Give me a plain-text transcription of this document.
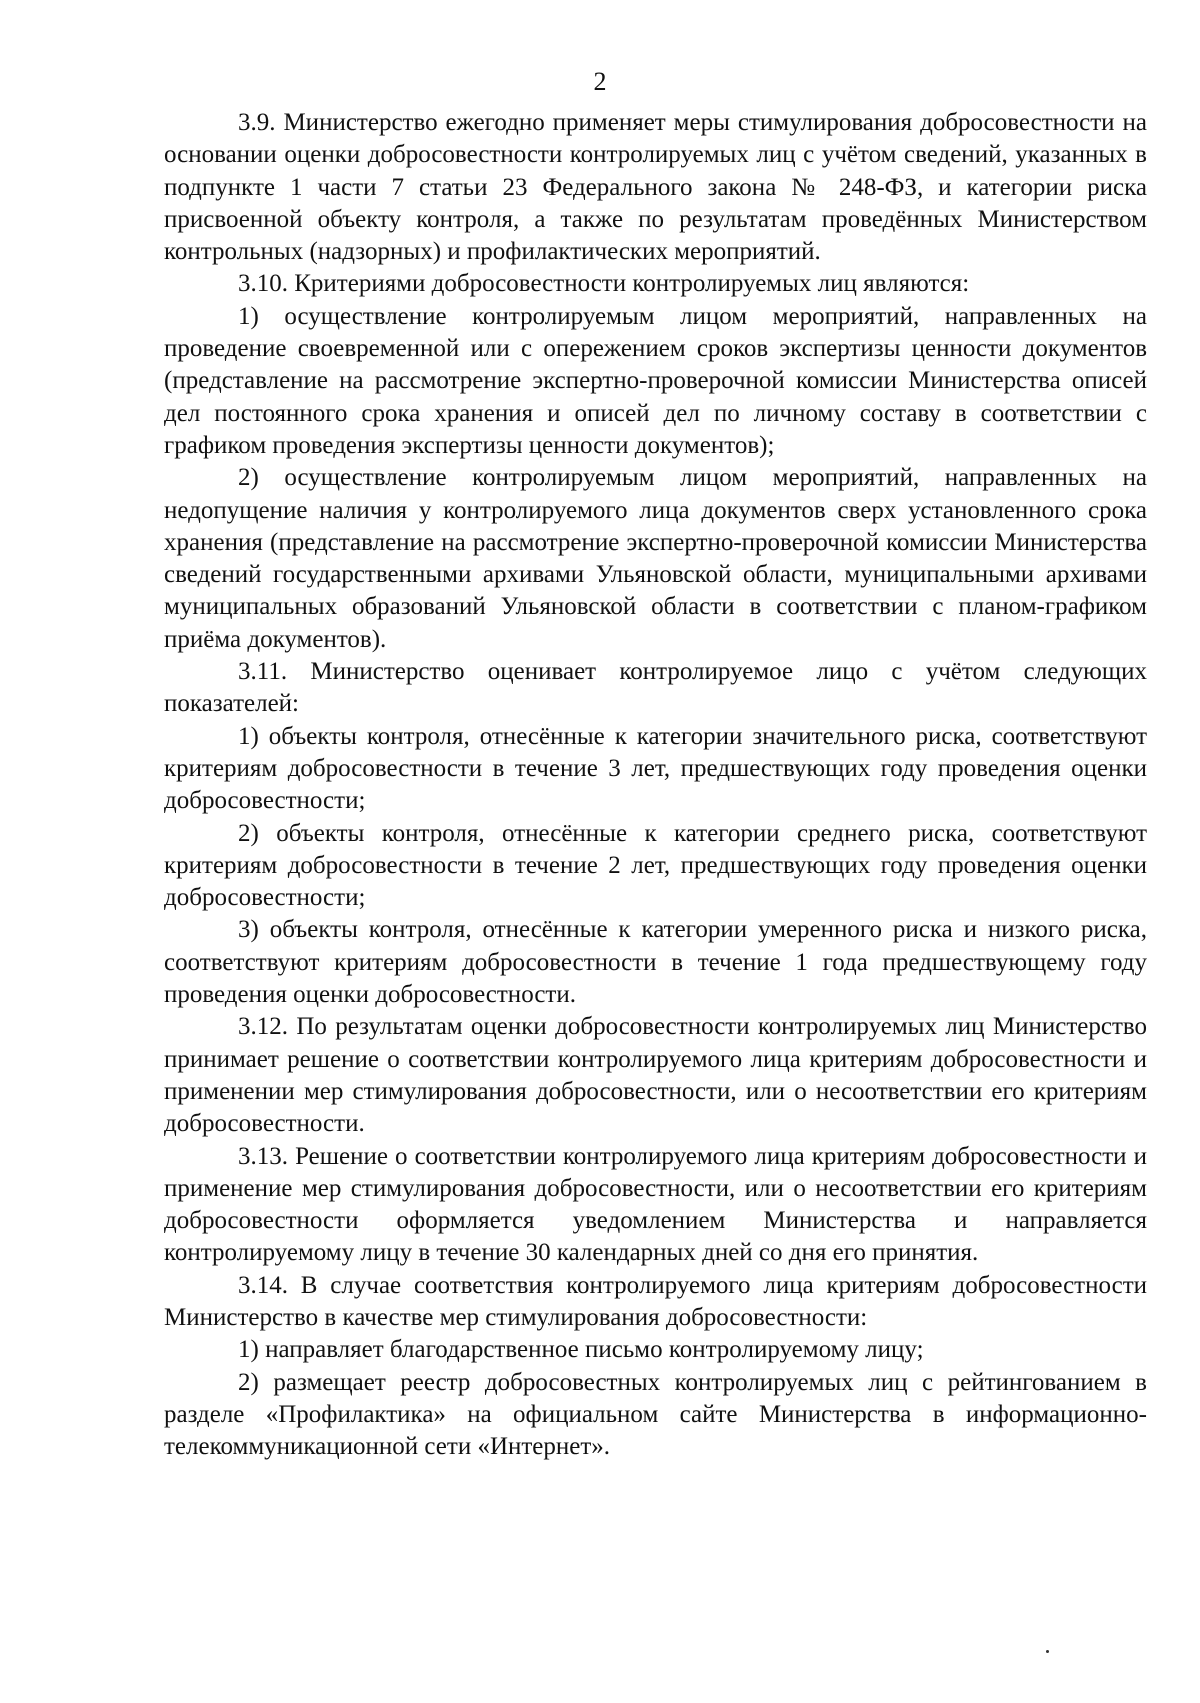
2

3.9. Министерство ежегодно применяет меры стимулирования добросовестности на основании оценки добросовестности контролируемых лиц с учётом сведений, указанных в подпункте 1 части 7 статьи 23 Федерального закона № 248-ФЗ, и категории риска присвоенной объекту контроля, а также по результатам проведённых Министерством контрольных (надзорных) и профилактических мероприятий.

3.10. Критериями добросовестности контролируемых лиц являются:

1) осуществление контролируемым лицом мероприятий, направленных на проведение своевременной или с опережением сроков экспертизы ценности документов (представление на рассмотрение экспертно-проверочной комиссии Министерства описей дел постоянного срока хранения и описей дел по личному составу в соответствии с графиком проведения экспертизы ценности документов);

2) осуществление контролируемым лицом мероприятий, направленных на недопущение наличия у контролируемого лица документов сверх установленного срока хранения (представление на рассмотрение экспертно-проверочной комиссии Министерства сведений государственными архивами Ульяновской области, муниципальными архивами муниципальных образований Ульяновской области в соответствии с планом-графиком приёма документов).

3.11. Министерство оценивает контролируемое лицо с учётом следующих показателей:

1) объекты контроля, отнесённые к категории значительного риска, соответствуют критериям добросовестности в течение 3 лет, предшествующих году проведения оценки добросовестности;

2) объекты контроля, отнесённые к категории среднего риска, соответствуют критериям добросовестности в течение 2 лет, предшествующих году проведения оценки добросовестности;

3) объекты контроля, отнесённые к категории умеренного риска и низкого риска, соответствуют критериям добросовестности в течение 1 года предшествующему году проведения оценки добросовестности.

3.12. По результатам оценки добросовестности контролируемых лиц Министерство принимает решение о соответствии контролируемого лица критериям добросовестности и применении мер стимулирования добросовестности, или о несоответствии его критериям добросовестности.

3.13. Решение о соответствии контролируемого лица критериям добросовестности и применение мер стимулирования добросовестности, или о несоответствии его критериям добросовестности оформляется уведомлением Министерства и направляется контролируемому лицу в течение 30 календарных дней со дня его принятия.

3.14. В случае соответствия контролируемого лица критериям добросовестности Министерство в качестве мер стимулирования добросовестности:

1) направляет благодарственное письмо контролируемому лицу;

2) размещает реестр добросовестных контролируемых лиц с рейтингованием в разделе «Профилактика» на официальном сайте Министерства в информационно-телекоммуникационной сети «Интернет».
